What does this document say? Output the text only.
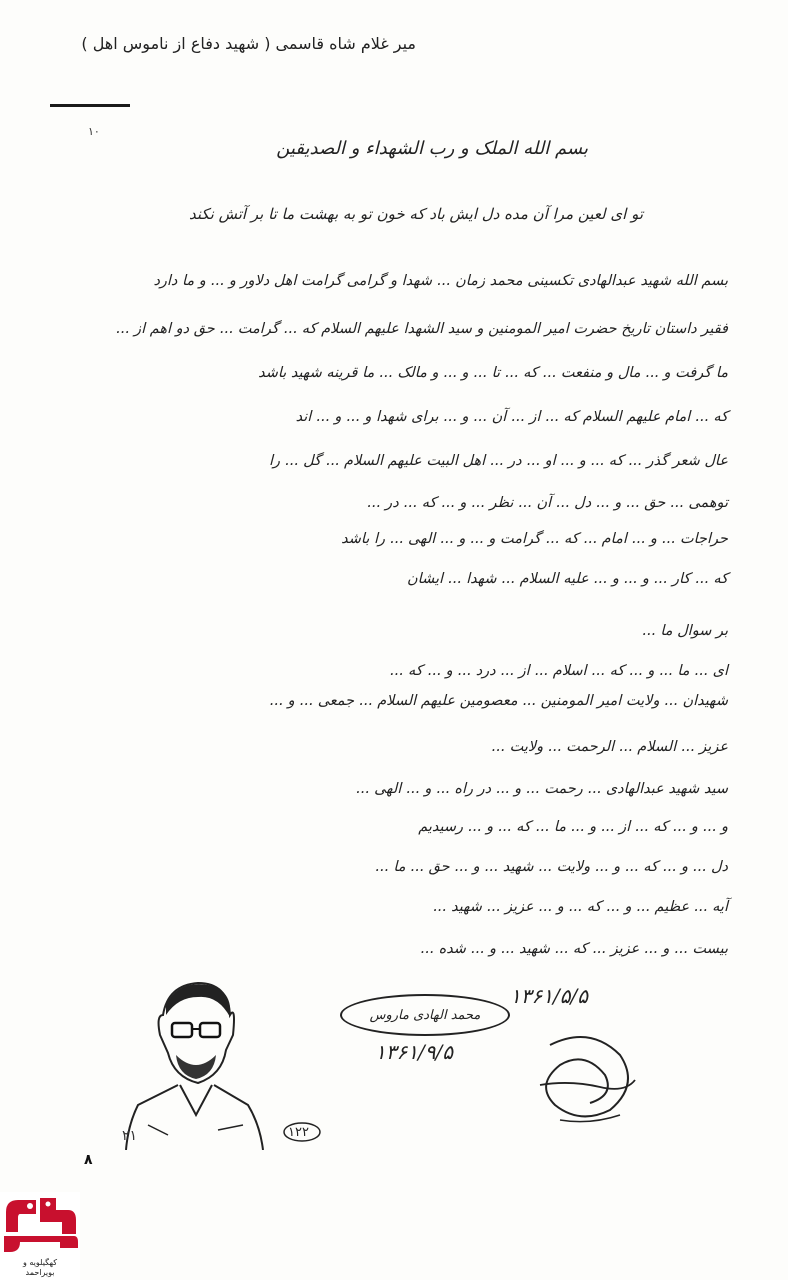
میر غلام شاه قاسمی ( شهید دفاع از ناموس اهل )
۱۰
بسم الله الملک و رب الشهداء و الصدیقین
تو ای لعین مرا آن مده دل ایش باد که خون تو به بهشت ما تا بر آتش نکند
بسم الله شهید عبدالهادی تکسینی محمد زمان ... شهدا و گرامی گرامت اهل دلاور و ... و ما دارد
فقیر داستان تاریخ حضرت امیر المومنین و سید الشهدا علیهم السلام که ... گرامت ... حق دو اهم از ...
ما گرفت و ... مال و منفعت ... که ... تا ... و ... و مالک ... ما قرینه شهید باشد
که ... امام علیهم السلام که ... از ... آن ... و ... برای شهدا و ... و ... اند
عال شعر گذر ... که ... و ... او ... در ... اهل البیت علیهم السلام ... گل ... را
توهمی ... حق ... و ... دل ... آن ... نظر ... و ... که ... در ...
حراجات ... و ... امام ... که ... گرامت و ... و ... الهی ... را باشد
که ... کار ... و ... و ... علیه السلام ... شهدا ... ایشان
بر سوال ما ...
ای ... ما ... و ... که ... اسلام ... از ... درد ... و ... که ...
شهیدان ... ولایت امیر المومنین ... معصومین علیهم السلام ... جمعی ... و ...
عزیز ... السلام ... الرحمت ... ولایت ...
سید شهید عبدالهادی ... رحمت ... و ... در راه ... و ... الهی ...
و ... و ... که ... از ... و ... ما ... که ... و ... رسیدیم
دل ... و ... که ... و ... ولایت ... شهید ... و ... حق ... ما ...
آیه ... عظیم ... و ... که ... و ... عزیز ... شهید ...
بیست ... و ... عزیز ... که ... شهید ... و ... شده ...
۲۱	۱۲۲
۱۳۶۱/۵/۵
محمد الهادی ماروس
۱۳۶۱/۹/۵
۸
کهگیلویه و
بویراحمد
